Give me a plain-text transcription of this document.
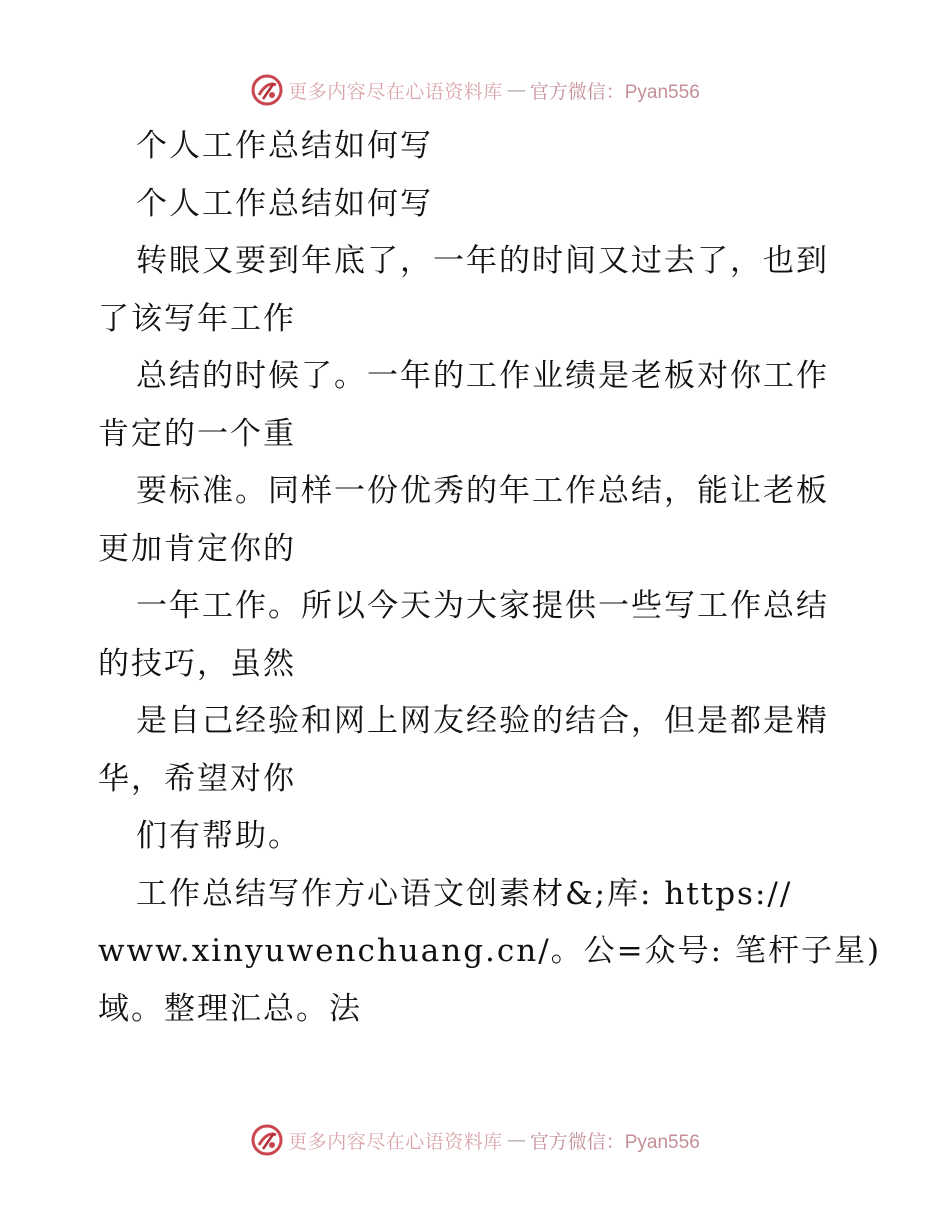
更多内容尽在心语资料库 — 官方微信：Pyan556
个人工作总结如何写
个人工作总结如何写
转眼又要到年底了，一年的时间又过去了，也到
了该写年工作
总结的时候了。一年的工作业绩是老板对你工作
肯定的一个重
要标准。同样一份优秀的年工作总结，能让老板
更加肯定你的
一年工作。所以今天为大家提供一些写工作总结
的技巧，虽然
是自己经验和网上网友经验的结合，但是都是精
华，希望对你
们有帮助。
工作总结写作方心语文创素材&;库: https://
www.xinyuwenchuang.cn/。公=众号: 笔杆子星)
域。整理汇总。法
更多内容尽在心语资料库 — 官方微信：Pyan556
